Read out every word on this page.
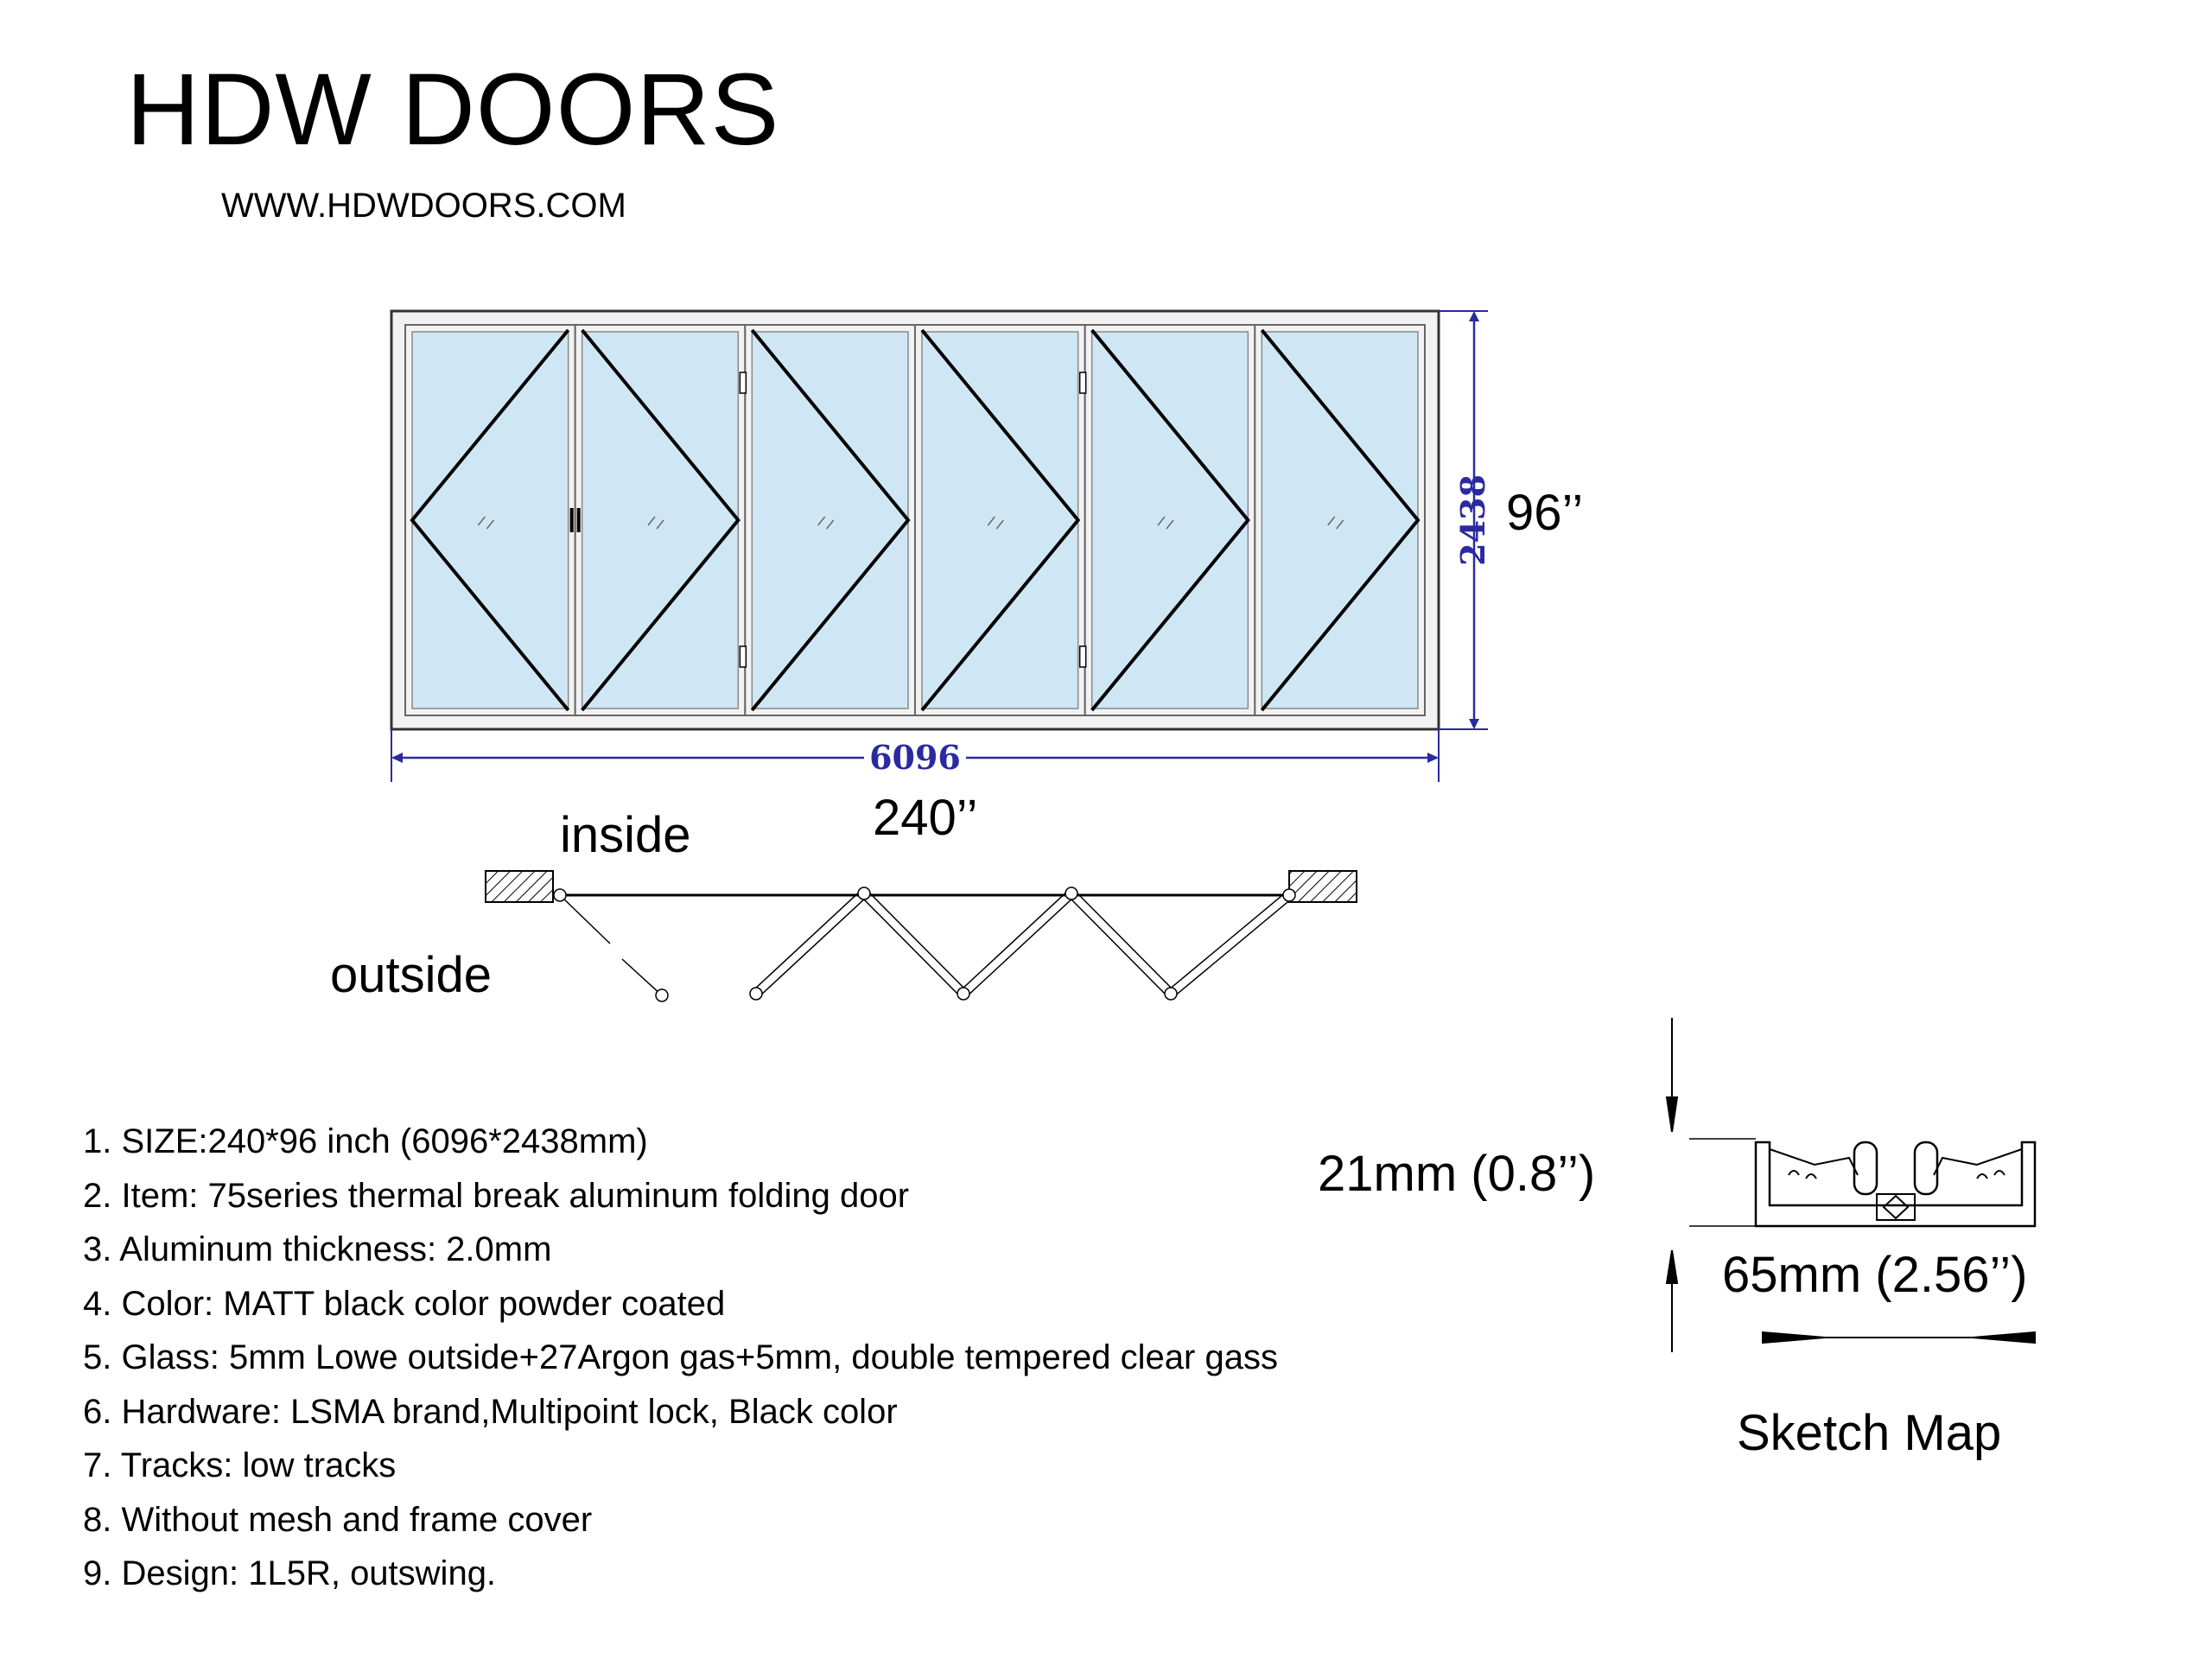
HDW DOORS
WWW.HDWDOORS.COM
2438
6096
96’’
240’’
inside
outside
21mm (0.8’’)
65mm (2.56’’)
Sketch Map
1. SIZE:240*96 inch (6096*2438mm)
2. Item: 75series thermal break aluminum folding door
3. Aluminum thickness: 2.0mm
4. Color: MATT black color powder coated
5. Glass: 5mm Lowe outside+27Argon gas+5mm, double tempered clear gass
6. Hardware: LSMA brand,Multipoint lock, Black color
7. Tracks: low tracks
8. Without mesh and frame cover
9. Design: 1L5R, outswing.
